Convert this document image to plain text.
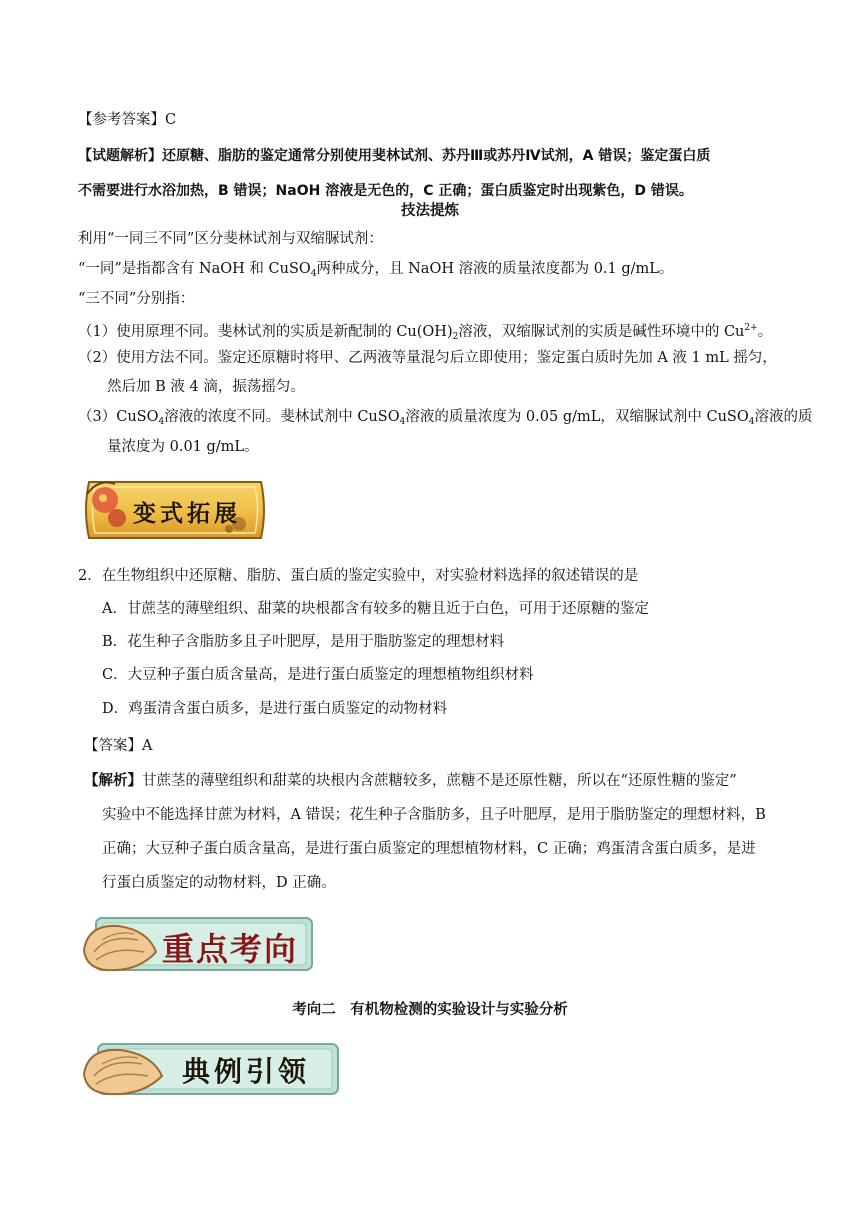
【参考答案】C
【试题解析】还原糖、脂肪的鉴定通常分别使用斐林试剂、苏丹Ⅲ或苏丹Ⅳ试剂，A 错误；鉴定蛋白质
不需要进行水浴加热，B 错误；NaOH 溶液是无色的，C 正确；蛋白质鉴定时出现紫色，D 错误。
技法提炼
利用“一同三不同”区分斐林试剂与双缩脲试剂：
“一同”是指都含有 NaOH 和 CuSO$_4$两种成分，且 NaOH 溶液的质量浓度都为 0.1 g/mL。
“三不同”分别指：
（1）使用原理不同。斐林试剂的实质是新配制的 $Cu(OH)_2$溶液，双缩脲试剂的实质是碱性环境中的 $Cu^{2+}$。
（2）使用方法不同。鉴定还原糖时将甲、乙两液等量混匀后立即使用；鉴定蛋白质时先加 A 液 1 mL 摇匀，
然后加 B 液 4 滴，振荡摇匀。
（3）CuSO$_4$溶液的浓度不同。斐林试剂中 CuSO$_4$溶液的质量浓度为 0.05 g/mL，双缩脲试剂中 CuSO$_4$溶液的质
量浓度为 0.01 g/mL。
变式拓展
2．在生物组织中还原糖、脂肪、蛋白质的鉴定实验中，对实验材料选择的叙述错误的是
A．甘蔗茎的薄壁组织、甜菜的块根都含有较多的糖且近于白色，可用于还原糖的鉴定
B．花生种子含脂肪多且子叶肥厚，是用于脂肪鉴定的理想材料
C．大豆种子蛋白质含量高，是进行蛋白质鉴定的理想植物组织材料
D．鸡蛋清含蛋白质多，是进行蛋白质鉴定的动物材料
【答案】A
【解析】甘蔗茎的薄壁组织和甜菜的块根内含蔗糖较多，蔗糖不是还原性糖，所以在“还原性糖的鉴定”
实验中不能选择甘蔗为材料，A 错误；花生种子含脂肪多，且子叶肥厚，是用于脂肪鉴定的理想材料，B
正确；大豆种子蛋白质含量高，是进行蛋白质鉴定的理想植物材料，C 正确；鸡蛋清含蛋白质多，是进
行蛋白质鉴定的动物材料，D 正确。
重点考向
考向二　有机物检测的实验设计与实验分析
典例引领
